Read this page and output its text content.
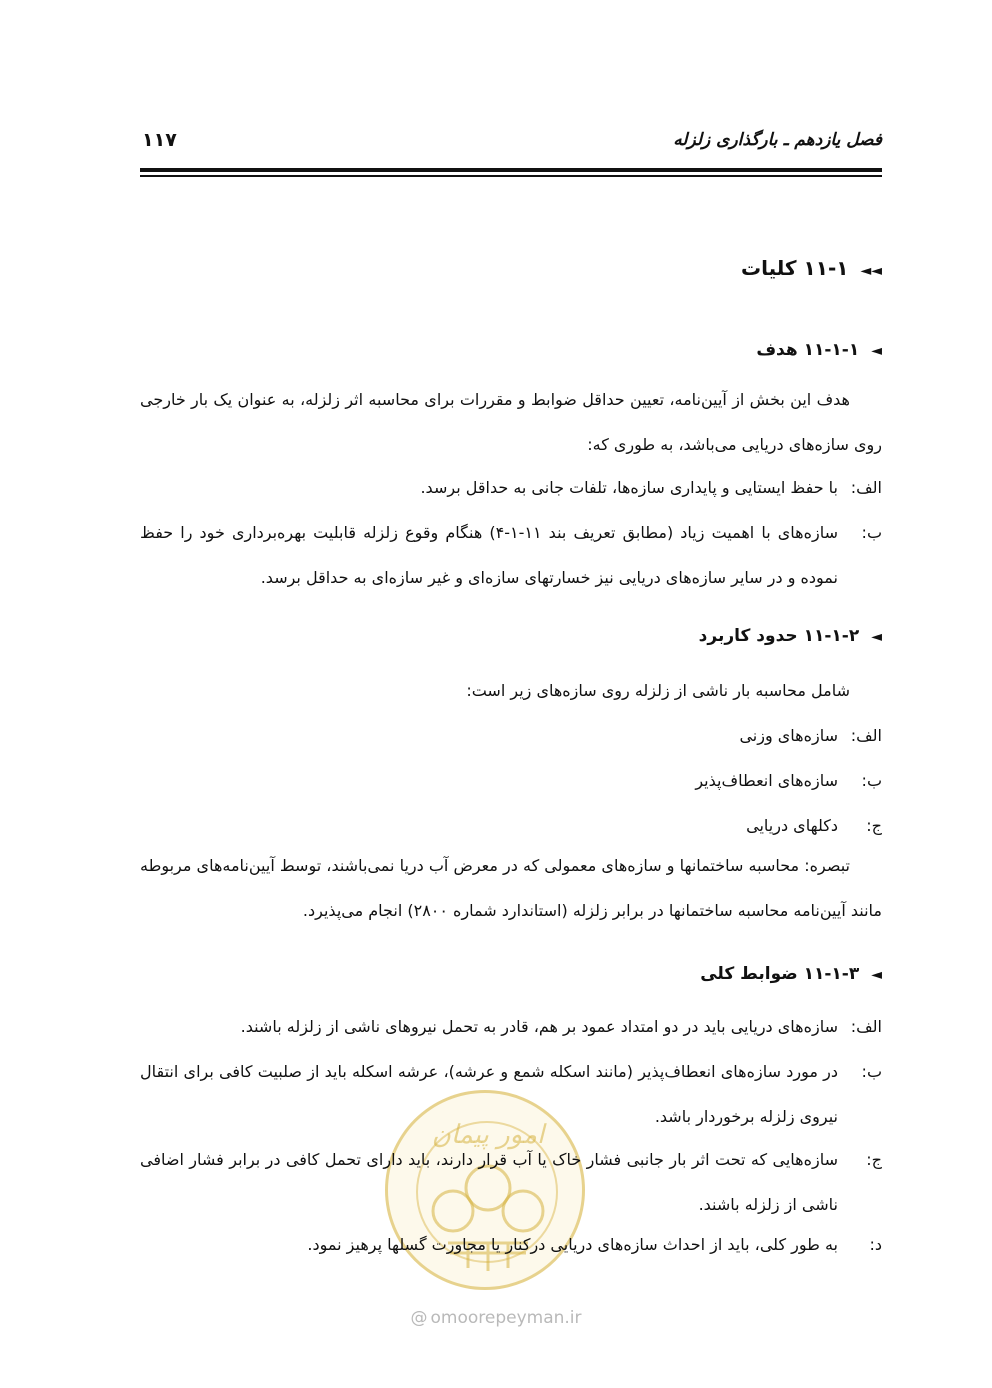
فصل یازدهم ـ بارگذاری زلزله
۱۱۷
◄◄۱۱-۱ کلیات
◄۱۱-۱-۱ هدف
هدف این بخش از آیین‌نامه، تعیین حداقل ضوابط و مقررات برای محاسبه اثر زلزله، به عنوان یک بار خارجی روی سازه‌های دریایی می‌باشد، به طوری که:
الف:
با حفظ ایستایی و پایداری سازه‌ها، تلفات جانی به حداقل برسد.
ب:
سازه‌های با اهمیت زیاد (مطابق تعریف بند ۱۱-۱-۴) هنگام وقوع زلزله قابلیت بهره‌برداری خود را حفظ نموده و در سایر سازه‌های دریایی نیز خسارتهای سازه‌ای و غیر سازه‌ای به حداقل برسد.
◄۱۱-۱-۲ حدود کاربرد
شامل محاسبه بار ناشی از زلزله روی سازه‌های زیر است:
الف:
سازه‌های وزنی
ب:
سازه‌های انعطاف‌پذیر
ج:
دکلهای دریایی
تبصره: محاسبه ساختمانها و سازه‌های معمولی که در معرض آب دریا نمی‌باشند، توسط آیین‌نامه‌های مربوطه مانند آیین‌نامه محاسبه ساختمانها در برابر زلزله (استاندارد شماره ۲۸۰۰) انجام می‌پذیرد.
امور پیمان
◄۱۱-۱-۳ ضوابط کلی
الف:
سازه‌های دریایی باید در دو امتداد عمود بر هم، قادر به تحمل نیروهای ناشی از زلزله باشند.
ب:
در مورد سازه‌های انعطاف‌پذیر (مانند اسکله شمع و عرشه)، عرشه اسکله باید از صلبیت کافی برای انتقال نیروی زلزله برخوردار باشد.
ج:
سازه‌هایی که تحت اثر بار جانبی فشار خاک یا آب قرار دارند، باید دارای تحمل کافی در برابر فشار اضافی ناشی از زلزله باشند.
د:
به طور کلی، باید از احداث سازه‌های دریایی درکنار یا مجاورت گسلها پرهیز نمود.
@ omoorepeyman.ir
